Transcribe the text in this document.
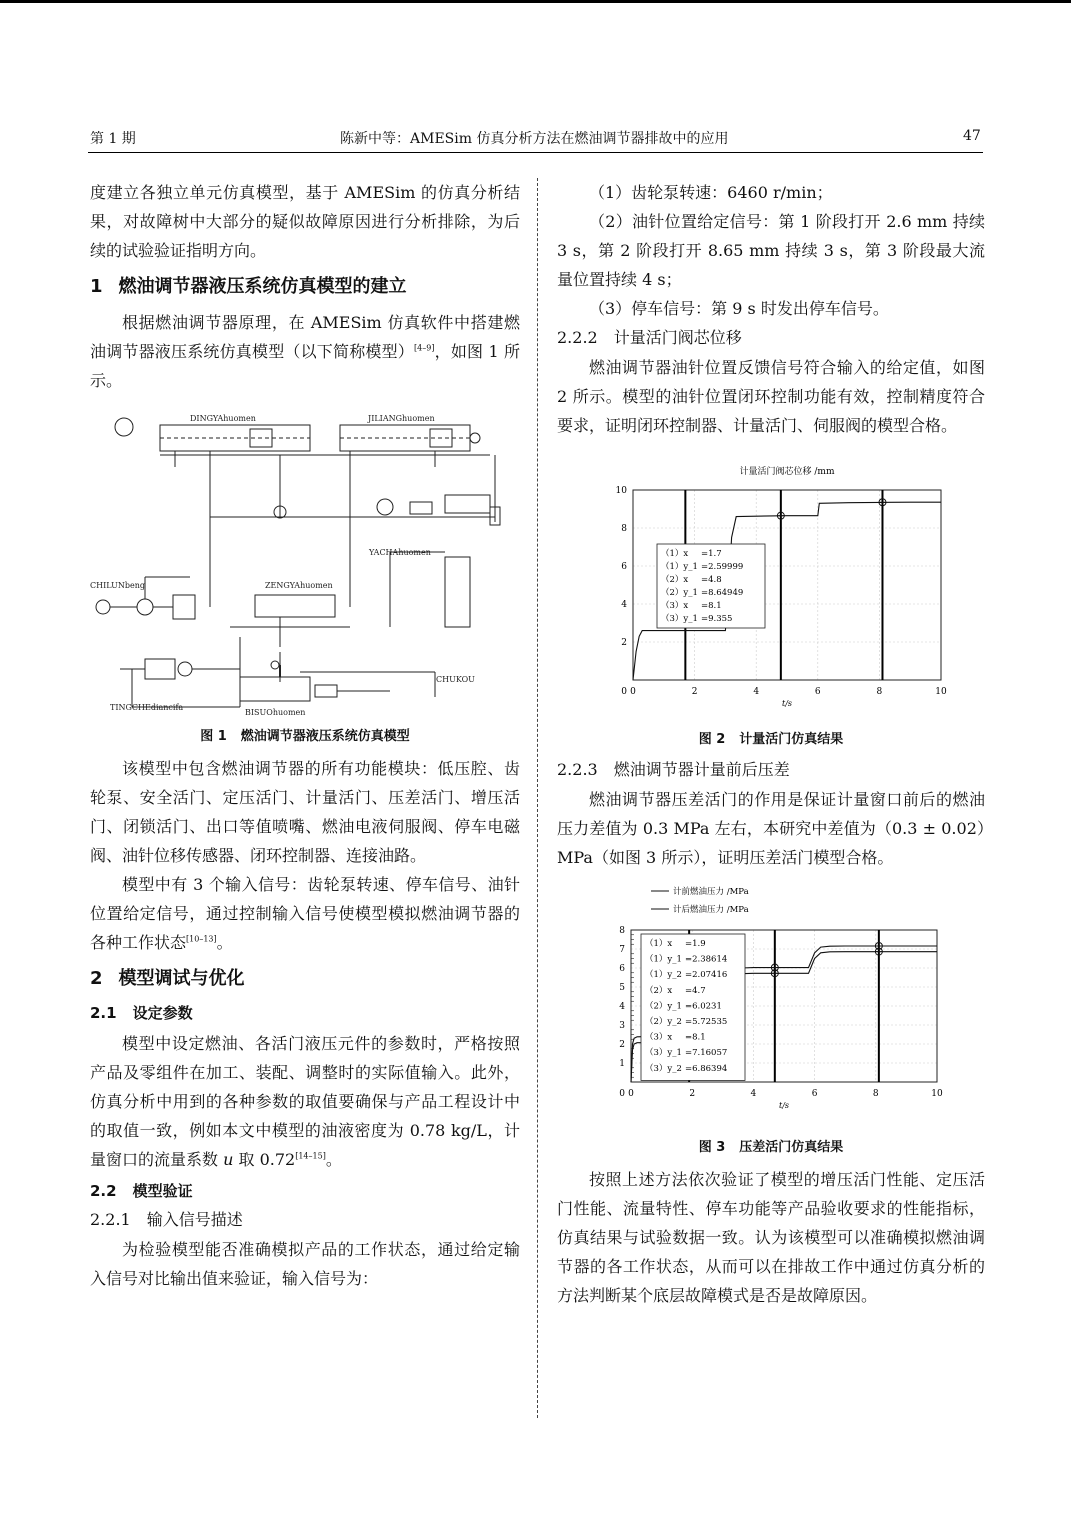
第 1 期	陈新中等：AMESim 仿真分析方法在燃油调节器排故中的应用	47

度建立各独立单元仿真模型，基于 AMESim 的仿真分析结果，对故障树中大部分的疑似故障原因进行分析排除，为后续的试验验证指明方向。

1 燃油调节器液压系统仿真模型的建立

根据燃油调节器原理，在 AMESim 仿真软件中搭建燃油调节器液压系统仿真模型（以下简称模型）[4–9]，如图 1 所示。

DINGYAhuomen	JILIANGhuomen
YACHAhuomen
CHILUNbeng	ZENGYAhuomen
CHUKOU
TINGCHEdiancifa
BISUOhuomen
图 1 燃油调节器液压系统仿真模型

该模型中包含燃油调节器的所有功能模块：低压腔、齿轮泵、安全活门、定压活门、计量活门、压差活门、增压活门、闭锁活门、出口等值喷嘴、燃油电液伺服阀、停车电磁阀、油针位移传感器、闭环控制器、连接油路。

模型中有 3 个输入信号：齿轮泵转速、停车信号、油针位置给定信号，通过控制输入信号使模型模拟燃油调节器的各种工作状态[10–13]。

2 模型调试与优化
2.1 设定参数

模型中设定燃油、各活门液压元件的参数时，严格按照产品及零组件在加工、装配、调整时的实际值输入。此外，仿真分析中用到的各种参数的取值要确保与产品工程设计中的取值一致，例如本文中模型的油液密度为 0.78 kg/L，计量窗口的流量系数 u 取 0.72[14–15]。

2.2 模型验证
2.2.1 输入信号描述

为检验模型能否准确模拟产品的工作状态，通过给定输入信号对比输出值来验证，输入信号为：

（1）齿轮泵转速：6460 r/min；

（2）油针位置给定信号：第 1 阶段打开 2.6 mm 持续 3 s，第 2 阶段打开 8.65 mm 持续 3 s，第 3 阶段最大流量位置持续 4 s；

（3）停车信号：第 9 s 时发出停车信号。

2.2.2 计量活门阀芯位移

燃油调节器油针位置反馈信号符合输入的给定值，如图 2 所示。模型的油针位置闭环控制功能有效，控制精度符合要求，证明闭环控制器、计量活门、伺服阀的模型合格。

计量活门阀芯位移 /mm
0	2	4	6	8	10
2
4
6
8
10
0
t/s
（1）x =1.7
（1）y_1 =2.59999
（2）x =4.8
（2）y_1 =8.64949
（3）x =8.1
（3）y_1 =9.355
图 2 计量活门仿真结果
2.2.3 燃油调节器计量前后压差

燃油调节器压差活门的作用是保证计量窗口前后的燃油压力差值为 0.3 MPa 左右，本研究中差值为（0.3 ± 0.02）MPa（如图 3 所示），证明压差活门模型合格。

0	2	4	6	8	10
1
2
3
4
5
6
7
8
0
t/s
（1）x =1.9
（1）y_1 =2.38614
（1）y_2 =2.07416
（2）x =4.7
（2）y_1 =6.0231
（2）y_2 =5.72535
（3）x =8.1
（3）y_1 =7.16057
（3）y_2 =6.86394
计前燃油压力 /MPa
计后燃油压力 /MPa
图 3 压差活门仿真结果

按照上述方法依次验证了模型的增压活门性能、定压活门性能、流量特性、停车功能等产品验收要求的性能指标，仿真结果与试验数据一致。认为该模型可以准确模拟燃油调节器的各工作状态，从而可以在排故工作中通过仿真分析的方法判断某个底层故障模式是否是故障原因。
